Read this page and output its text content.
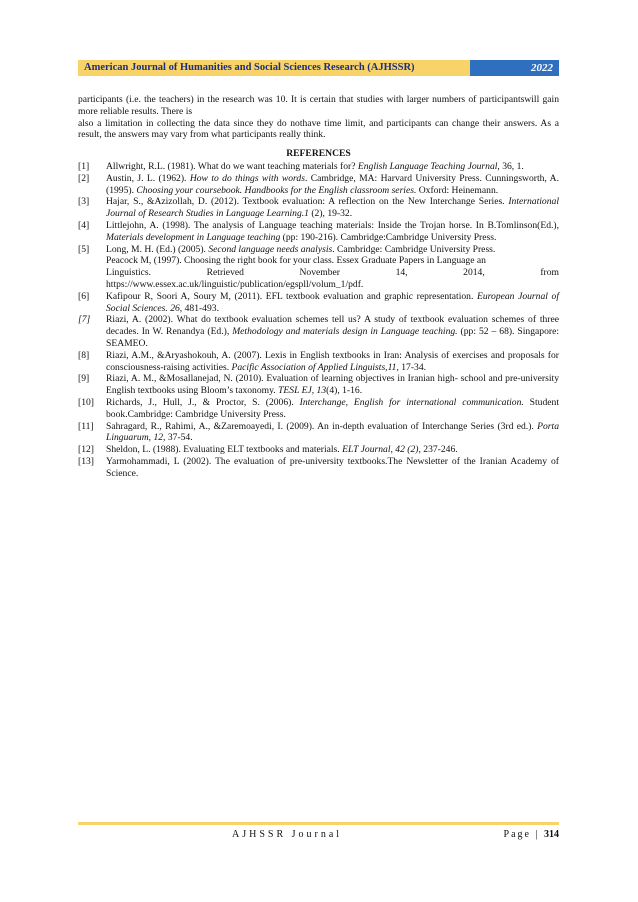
American Journal of Humanities and Social Sciences Research (AJHSSR)	2022

participants (i.e. the teachers) in the research was 10. It is certain that studies with larger numbers of participantswill gain more reliable results. There is

also a limitation in collecting the data since they do nothave time limit, and participants can change their answers. As a result, the answers may vary from what participants really think.

REFERENCES
[1]	Allwright, R.L. (1981). What do we want teaching materials for? English Language Teaching Journal, 36, 1.
[2]	Austin, J. L. (1962). How to do things with words. Cambridge, MA: Harvard University Press. Cunningsworth, A. (1995). Choosing your coursebook. Handbooks for the English classroom series. Oxford: Heinemann.
[3]	Hajar, S., &Azizollah, D. (2012). Textbook evaluation: A reflection on the New Interchange Series. International Journal of Research Studies in Language Learning.1 (2), 19-32.
[4]	Littlejohn, A. (1998). The analysis of Language teaching materials: Inside the Trojan horse. In B.Tomlinson(Ed.), Materials development in Language teaching (pp: 190-216). Cambridge:Cambridge University Press.
[5]	Long, M. H. (Ed.) (2005). Second language needs analysis. Cambridge: Cambridge University Press.
Peacock M, (1997). Choosing the right book for your class. Essex Graduate Papers in Language an
Linguistics.	Retrieved	November	14,	2014,	from
https://www.essex.ac.uk/linguistic/publication/egspll/volum_1/pdf.
[6]	Kafipour R, Soori A, Soury M, (2011). EFL textbook evaluation and graphic representation. European Journal of Social Sciences. 26, 481-493.
[7]	Riazi, A. (2002). What do textbook evaluation schemes tell us? A study of textbook evaluation schemes of three decades. In W. Renandya (Ed.), Methodology and materials design in Language teaching. (pp: 52 – 68). Singapore: SEAMEO.
[8]	Riazi, A.M., &Aryashokouh, A. (2007). Lexis in English textbooks in Iran: Analysis of exercises and proposals for consciousness-raising activities. Pacific Association of Applied Linguists,11, 17-34.
[9]	Riazi, A. M., &Mosallanejad, N. (2010). Evaluation of learning objectives in Iranian high- school and pre-university English textbooks using Bloom’s taxonomy. TESL EJ, 13(4), 1-16.
[10]	Richards, J., Hull, J., & Proctor, S. (2006). Interchange, English for international communication. Student book.Cambridge: Cambridge University Press.
[11]	Sahragard, R., Rahimi, A., &Zaremoayedi, I. (2009). An in-depth evaluation of Interchange Series (3rd ed.). Porta Linguarum, 12, 37-54.
[12]	Sheldon, L. (1988). Evaluating ELT textbooks and materials. ELT Journal, 42 (2), 237-246.
[13]	Yarmohammadi, L (2002). The evaluation of pre-university textbooks.The Newsletter of the Iranian Academy of Science.
AJHSSR Journal	Page | 314
